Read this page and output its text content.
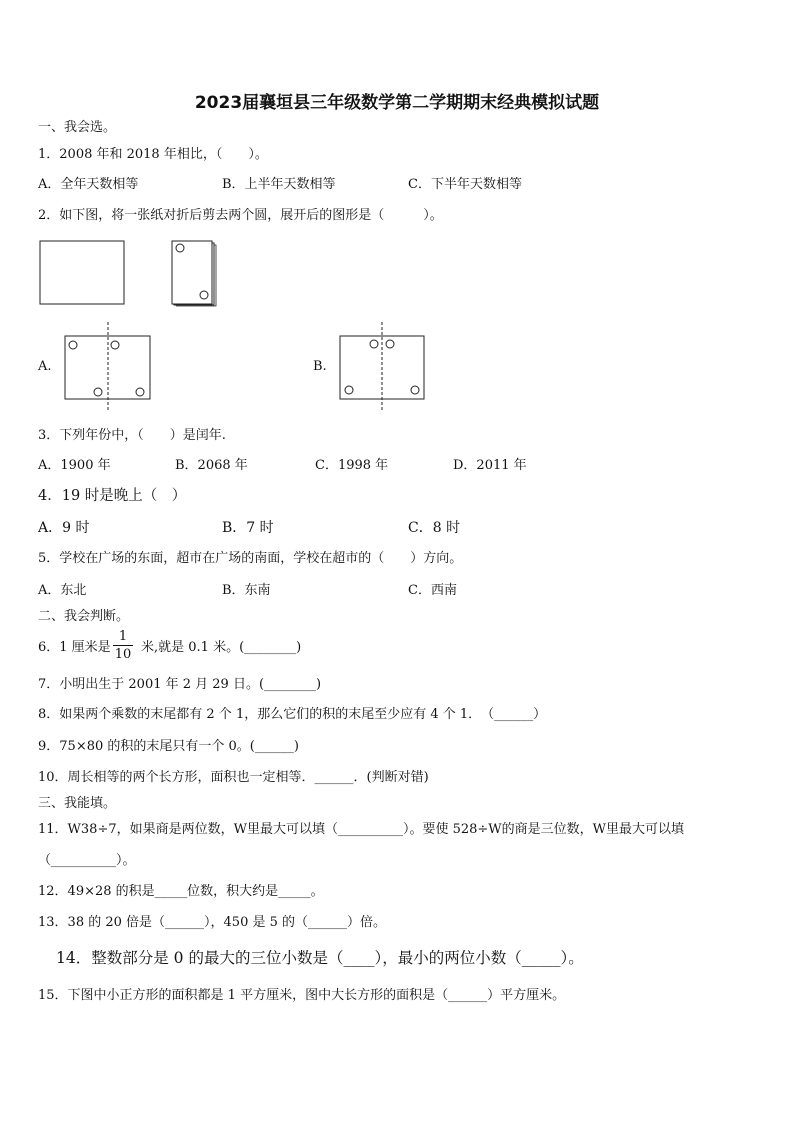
2023届襄垣县三年级数学第二学期期末经典模拟试题
一、我会选。
1．2008 年和 2018 年相比，（　　）。
A．全年天数相等	B．上半年天数相等	C．下半年天数相等
2．如下图，将一张纸对折后剪去两个圆，展开后的图形是（　　　）。
A.	B.
3．下列年份中，（　　）是闰年.
A．1900 年	B．2068 年	C．1998 年	D．2011 年
4．19 时是晚上（　）
A．9 时	B．7 时	C．8 时
5．学校在广场的东面，超市在广场的南面，学校在超市的（　　）方向。
A．东北	B．东南	C．西南
二、我会判断。
6．1 厘米是
1
10 米,就是 0.1 米。(________)
7．小明出生于 2001 年 2 月 29 日。(________)
8．如果两个乘数的末尾都有 2 个 1，那么它们的积的末尾至少应有 4 个 1．　（______）
9．75×80 的积的末尾只有一个 0。(______)
10．周长相等的两个长方形，面积也一定相等．______．(判断对错)
三、我能填。
11．W38÷7，如果商是两位数，W里最大可以填（__________）。要使 528÷W的商是三位数，W里最大可以填
（__________）。
12．49×28 的积是_____位数，积大约是_____。
13．38 的 20 倍是（______），450 是 5 的（______）倍。
14．整数部分是 0 的最大的三位小数是（____），最小的两位小数（_____）。
15．下图中小正方形的面积都是 1 平方厘米，图中大长方形的面积是（______）平方厘米。
